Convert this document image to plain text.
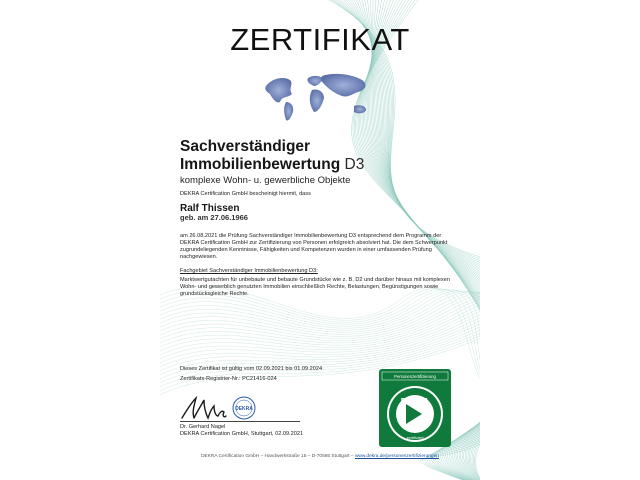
ZERTIFIKAT
Sachverständiger
Immobilienbewertung D3
komplexe Wohn- u. gewerbliche Objekte
DEKRA Certification GmbH bescheinigt hiermit, dass
Ralf Thissen
geb. am 27.06.1966
am 26.08.2021 die Prüfung Sachverständiger Immobilienbewertung D3 entsprechend dem Programm der DEKRA Certification GmbH zur Zertifizierung von Personen erfolgreich absolviert hat. Die dem Schwerpunkt zugrundeliegenden Kenntnisse, Fähigkeiten und Kompetenzen wurden in einer umfassenden Prüfung nachgewiesen.
Fachgebiet Sachverständiger Immobilienbewertung D3:
Marktwertgutachten für unbebaute und bebaute Grundstücke wie z. B. D2 und darüber hinaus mit komplexen Wohn- und gewerblich genutzten Immobilien einschließlich Rechte, Belastungen, Begünstigungen sowie grundstücksgleiche Rechte.
Dieses Zertifikat ist gültig vom 02.09.2021 bis 01.09.2024
Zertifikats-Registrier-Nr.: PC21416-024
DEKRA
Dr. Gerhard Nagel
DEKRA Certification GmbH, Stuttgart, 02.09.2021
Personenzertifizierung
DEKRA
zertifiziert
DEKRA Certification GmbH – Handwerkstraße 15 – D-70565 Stuttgart – www.dekra.de/personenzertifizierungen
